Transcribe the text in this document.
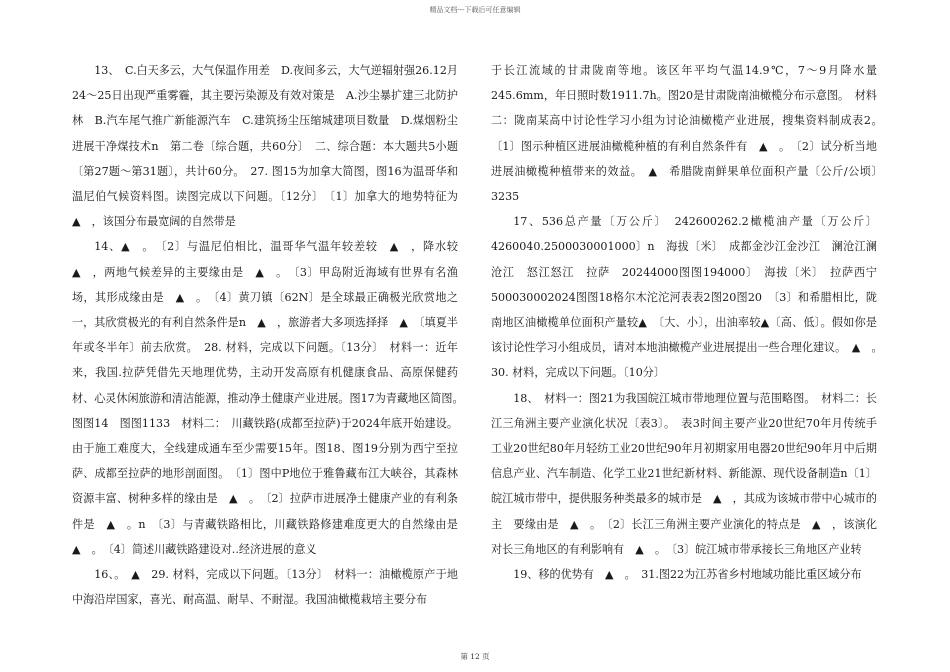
精品文档---下载后可任意编辑

13、　C.白天多云，大气保温作用差　D.夜间多云，大气逆辐射强26.12月24～25日出现严重雾霾，其主要污染源及有效对策是　A.沙尘暴扩建三北防护林　B.汽车尾气推广新能源汽车　C.建筑扬尘压缩城建项目数量　D.煤烟粉尘进展干净煤技术n　第二卷〔综合题，共60分〕　二、综合题：本大题共5小题〔第27题～第31题〕，共计60分。　27. 图15为加拿大简图，图16为温哥华和温尼伯气候资料图。读图完成以下问题。〔12分〕　〔1〕加拿大的地势特征为　▲　，该国分布最宽阔的自然带是

14、▲　。　〔2〕与温尼伯相比，温哥华气温年较差较　▲　，降水较　▲　，两地气候差异的主要缘由是　▲　。　〔3〕甲岛附近海域有世界有名渔场，其形成缘由是　▲　。　〔4〕黄刀镇〔62N〕是全球最正确极光欣赏地之一，其欣赏极光的有利自然条件是n　▲　，旅游者大多项选择择　▲　〔填夏半年或冬半年〕前去欣赏。　28. 材料，完成以下问题。〔13分〕　材料一：近年来，我国.拉萨凭借先天地理优势，主动开发高原有机健康食品、高原保健药材、心灵休闲旅游和清洁能源，推动净土健康产业进展。图17为青藏地区简图。　图图14　图图1133　材料二：　川藏铁路(成都至拉萨)于2024年底开始建设。由于施工难度大，全线建成通车至少需要15年。图18、图19分别为西宁至拉萨、成都至拉萨的地形剖面图。　〔1〕图中P地位于雅鲁藏布江大峡谷，其森林资源丰富、树种多样的缘由是　▲　。　〔2〕拉萨市进展净土健康产业的有利条件是　▲　。n　〔3〕与青藏铁路相比，川藏铁路修建难度更大的自然缘由是　▲　。　〔4〕简述川藏铁路建设对..经济进展的意义

16、。　▲　29. 材料，完成以下问题。〔13分〕　材料一：油橄榄原产于地中海沿岸国家，喜光、耐高温、耐旱、不耐湿。我国油橄榄栽培主要分布

于长江流域的甘肃陇南等地。该区年平均气温14.9℃，7～9月降水量245.6mm，年日照时数1911.7h。图20是甘肃陇南油橄榄分布示意图。　材料二：陇南某高中讨论性学习小组为讨论油橄榄产业进展，搜集资料制成表2。　〔1〕图示种植区进展油橄榄种植的有利自然条件有　▲　。　〔2〕试分析当地进展油橄榄种植带来的效益。　▲　希腊陇南鲜果单位面积产量〔公斤/公顷〕　3235

17、536总产量〔万公斤〕　242600262.2橄榄油产量〔万公斤〕4260040.2500030001000〕n　海拔〔米〕　成都金沙江金沙江　澜沧江澜沧江　怒江怒江　拉萨　20244000图图194000〕　海拔〔米〕　拉萨西宁500030002024图图18格尔木沱沱河表表2图20图20　〔3〕和希腊相比，陇南地区油橄榄单位面积产量较▲　〔大、小〕，出油率较▲〔高、低〕。假如你是该讨论性学习小组成员，请对本地油橄榄产业进展提出一些合理化建议。　▲　。　30. 材料，完成以下问题。〔10分〕

18、　材料一：图21为我国皖江城市带地理位置与范围略图。　材料二：长江三角洲主要产业演化状况〔表3〕。　表3时间主要产业20世纪70年月传统手工业20世纪80年月轻纺工业20世纪90年月初期家用电器20世纪90年月中后期信息产业、汽车制造、化学工业21世纪新材料、新能源、现代设备制造n〔1〕皖江城市带中，提供服务种类最多的城市是　▲　，其成为该城市带中心城市的主　要缘由是　▲　。　〔2〕长江三角洲主要产业演化的特点是　▲　，该演化对长三角地区的有利影响有　▲　。　〔3〕皖江城市带承接长三角地区产业转

19、移的优势有　▲　。　31.图22为江苏省乡村地域功能比重区域分布

第 12 页
